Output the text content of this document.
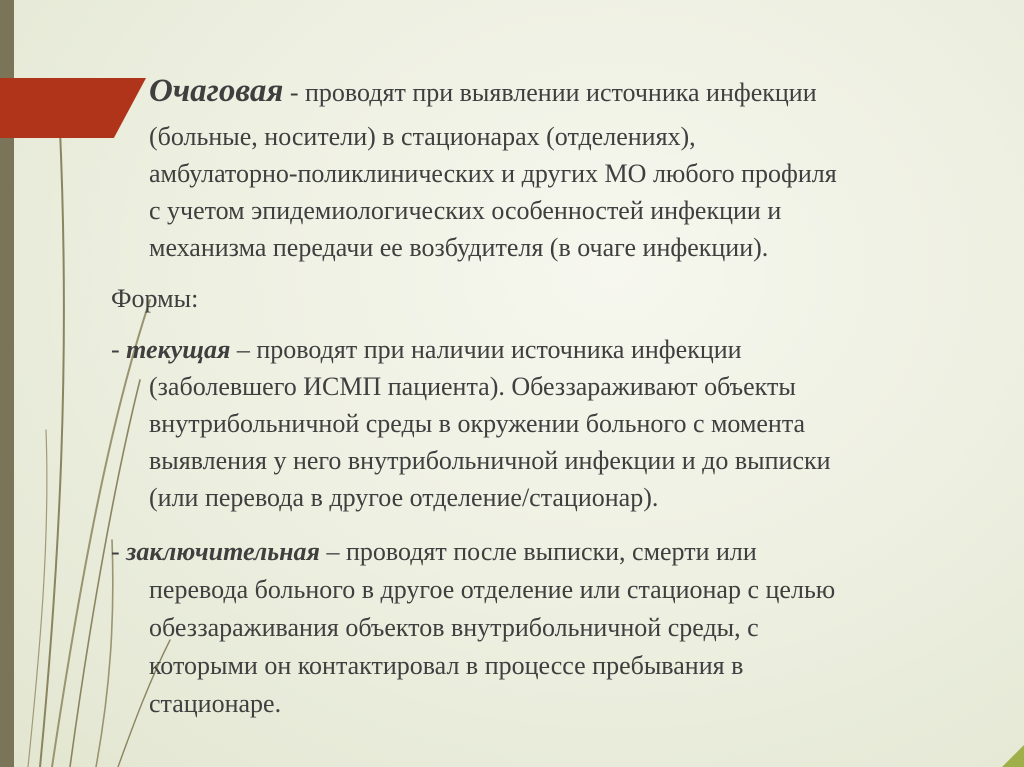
Очаговая - проводят при выявлении источника инфекции
(больные, носители) в стационарах (отделениях),
амбулаторно-поликлинических и других МО любого профиля
с учетом эпидемиологических особенностей инфекции и
механизма передачи ее возбудителя (в очаге инфекции).
Формы:
- текущая – проводят при наличии источника инфекции
(заболевшего ИСМП пациента). Обеззараживают объекты
внутрибольничной среды в окружении больного с момента
выявления у него внутрибольничной инфекции и до выписки
(или перевода в другое отделение/стационар).
- заключительная – проводят после выписки, смерти или
перевода больного в другое отделение или стационар с целью
обеззараживания объектов внутрибольничной среды, с
которыми он контактировал в процессе пребывания в
стационаре.
